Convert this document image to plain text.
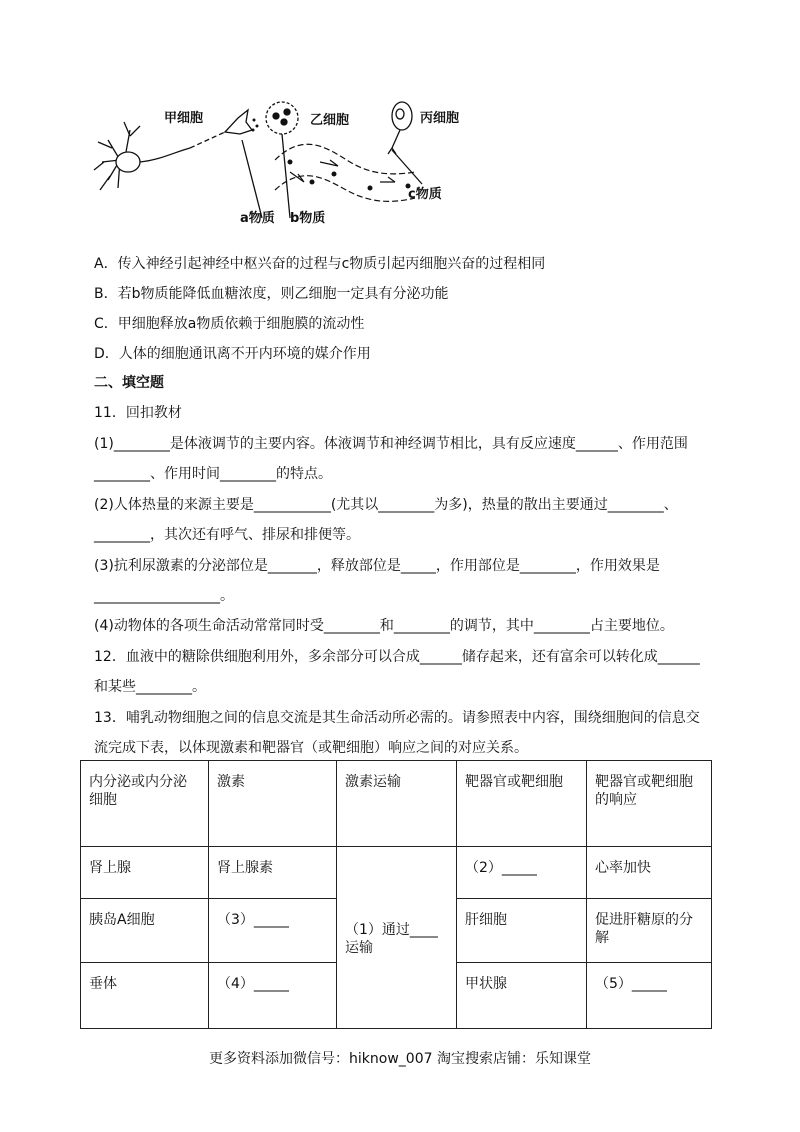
甲细胞	乙细胞	丙细胞
a物质 b物质
c物质
A．传入神经引起神经中枢兴奋的过程与c物质引起丙细胞兴奋的过程相同
B．若b物质能降低血糖浓度，则乙细胞一定具有分泌功能
C．甲细胞释放a物质依赖于细胞膜的流动性
D．人体的细胞通讯离不开内环境的媒介作用
二、填空题
11．回扣教材
(1)________是体液调节的主要内容。体液调节和神经调节相比，具有反应速度______、作用范围
________、作用时间________的特点。
(2)人体热量的来源主要是___________(尤其以________为多)，热量的散出主要通过________、
________，其次还有呼气、排尿和排便等。
(3)抗利尿激素的分泌部位是_______，释放部位是_____，作用部位是________，作用效果是
__________________。
(4)动物体的各项生命活动常常同时受________和________的调节，其中________占主要地位。
12．血液中的糖除供细胞利用外，多余部分可以合成______储存起来，还有富余可以转化成______
和某些________。
13．哺乳动物细胞之间的信息交流是其生命活动所必需的。请参照表中内容，围绕细胞间的信息交
流完成下表，以体现激素和靶器官（或靶细胞）响应之间的对应关系。
内分泌或内分泌细胞	激素	激素运输	靶器官或靶细胞	靶器官或靶细胞的响应
肾上腺	肾上腺素	（1）通过____运输	（2）_____	心率加快
胰岛A细胞	（3）_____		肝细胞	促进肝糖原的分解
垂体	（4）_____		甲状腺	（5）_____
更多资料添加微信号：hiknow_007 淘宝搜索店铺：乐知课堂
